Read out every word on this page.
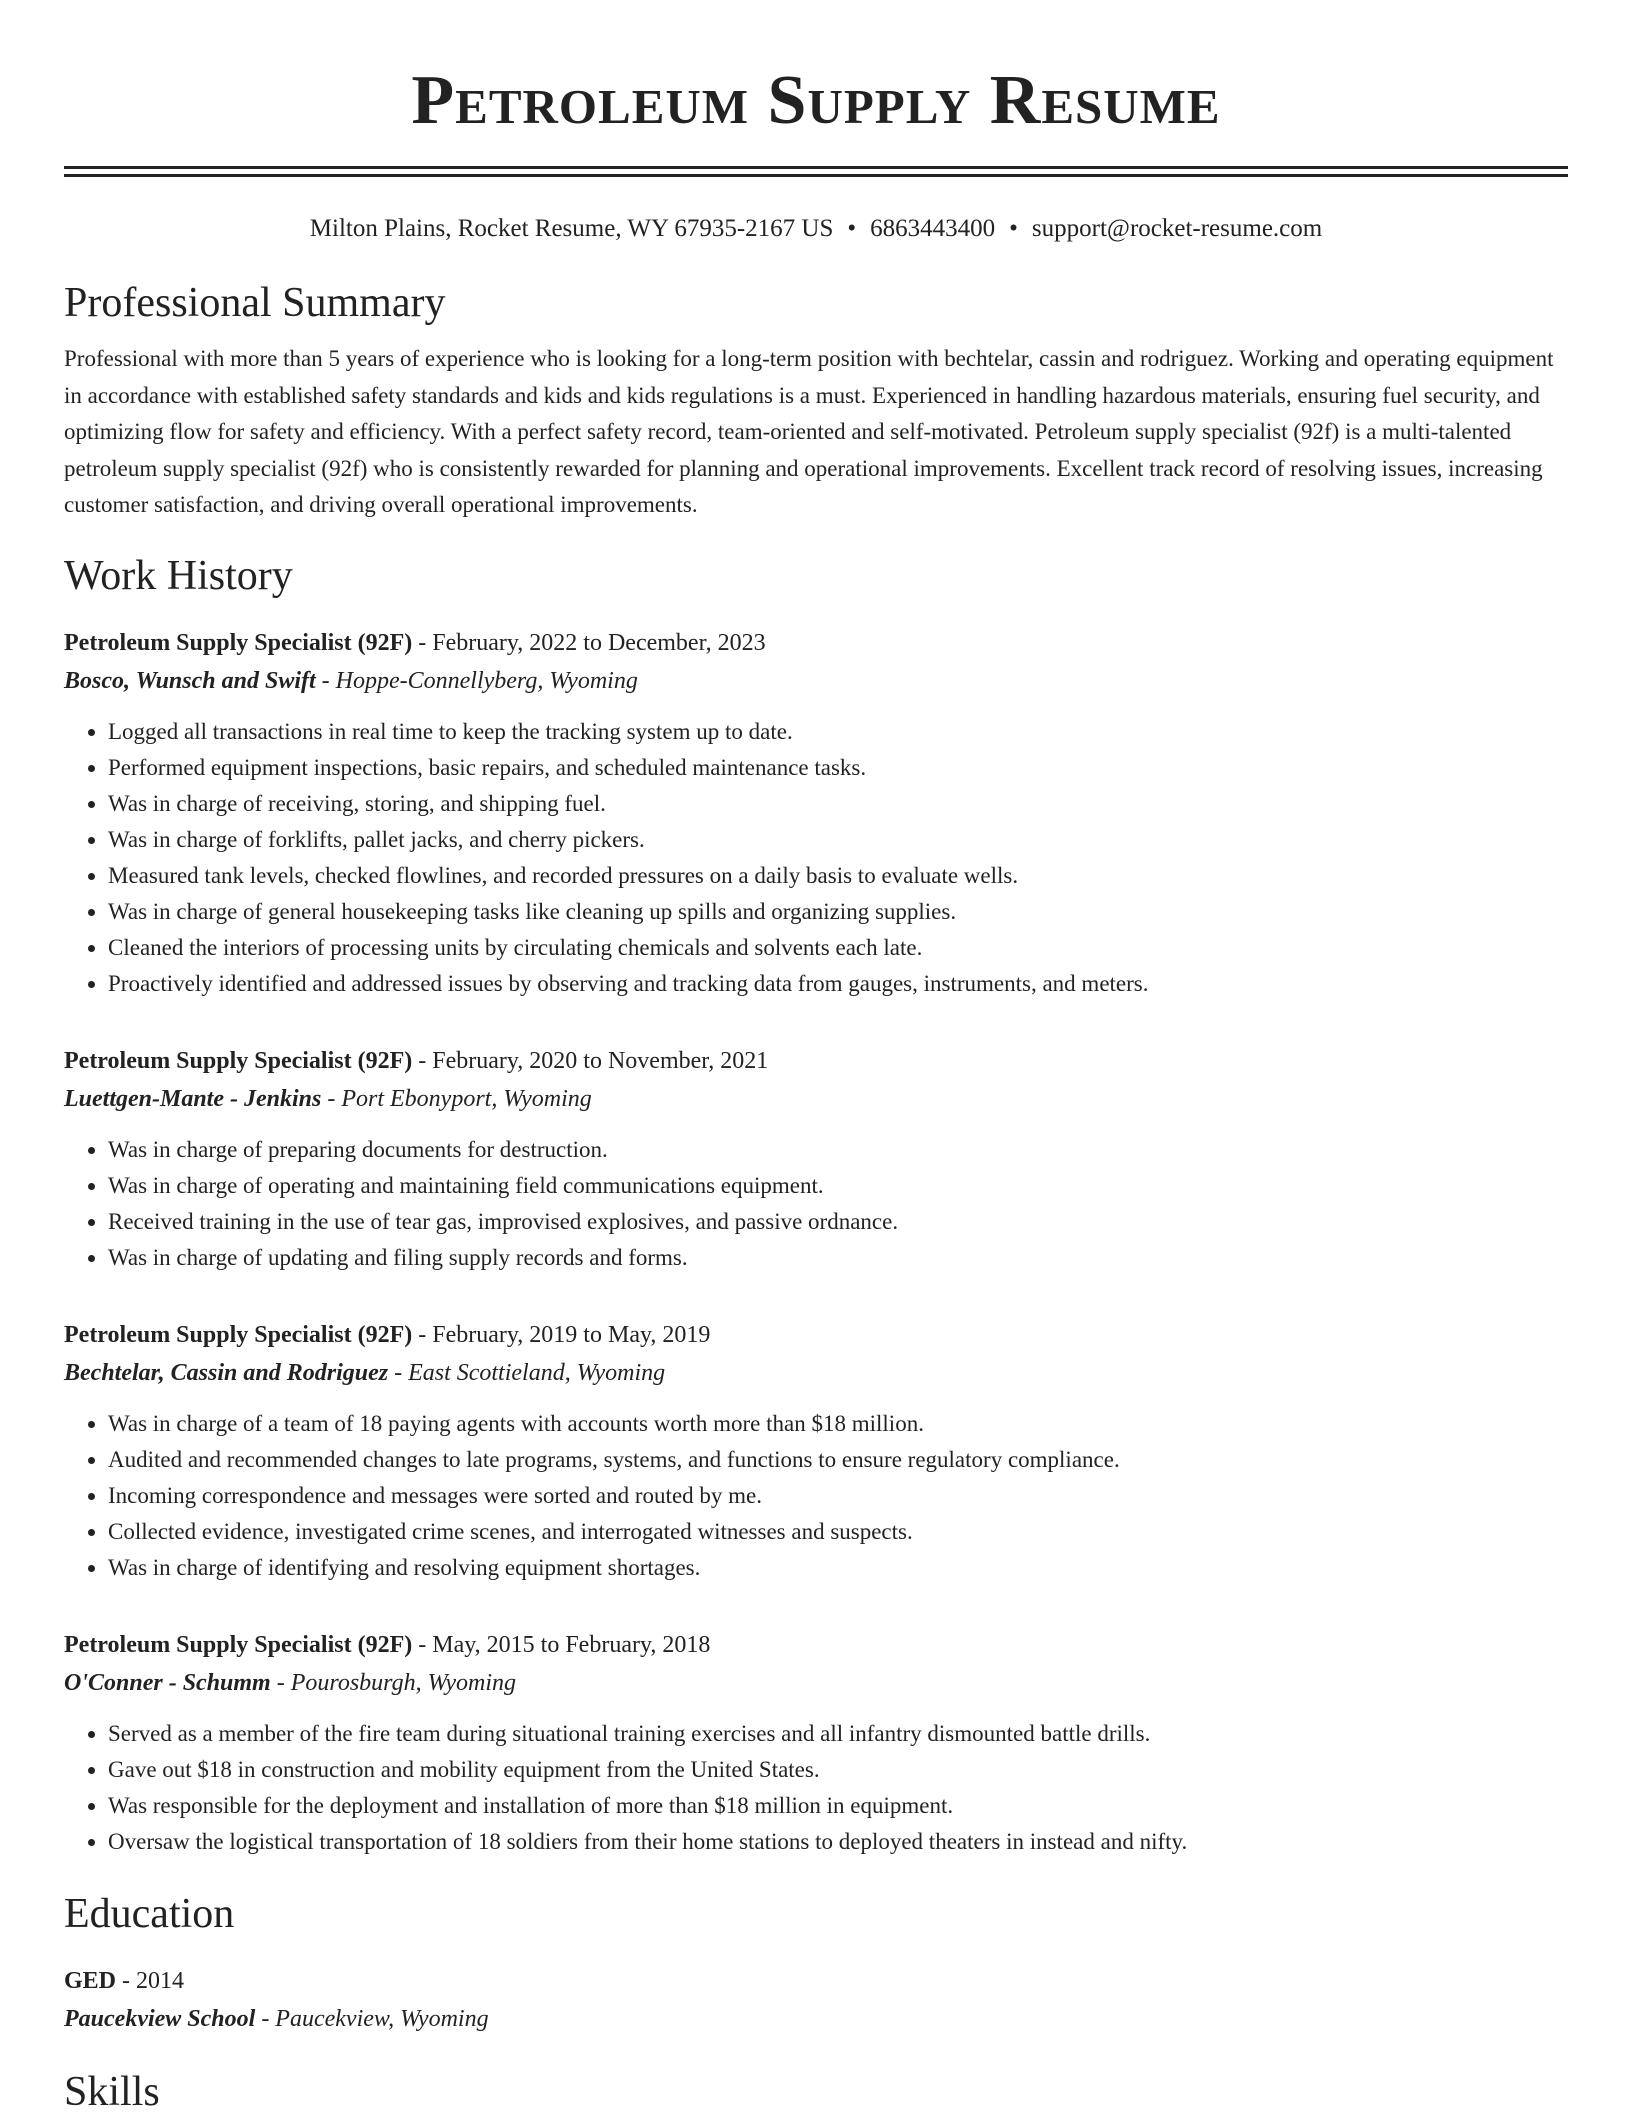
Petroleum Supply Resume
Milton Plains, Rocket Resume, WY 67935-2167 US • 6863443400 • support@rocket-resume.com
Professional Summary

Professional with more than 5 years of experience who is looking for a long-term position with bechtelar, cassin and rodriguez. Working and operating equipment in accordance with established safety standards and kids and kids regulations is a must. Experienced in handling hazardous materials, ensuring fuel security, and optimizing flow for safety and efficiency. With a perfect safety record, team-oriented and self-motivated. Petroleum supply specialist (92f) is a multi-talented petroleum supply specialist (92f) who is consistently rewarded for planning and operational improvements. Excellent track record of resolving issues, increasing customer satisfaction, and driving overall operational improvements.

Work History
Petroleum Supply Specialist (92F) - February, 2022 to December, 2023
Bosco, Wunsch and Swift - Hoppe-Connellyberg, Wyoming
• Logged all transactions in real time to keep the tracking system up to date.
• Performed equipment inspections, basic repairs, and scheduled maintenance tasks.
• Was in charge of receiving, storing, and shipping fuel.
• Was in charge of forklifts, pallet jacks, and cherry pickers.
• Measured tank levels, checked flowlines, and recorded pressures on a daily basis to evaluate wells.
• Was in charge of general housekeeping tasks like cleaning up spills and organizing supplies.
• Cleaned the interiors of processing units by circulating chemicals and solvents each late.
• Proactively identified and addressed issues by observing and tracking data from gauges, instruments, and meters.
Petroleum Supply Specialist (92F) - February, 2020 to November, 2021
Luettgen-Mante - Jenkins - Port Ebonyport, Wyoming
• Was in charge of preparing documents for destruction.
• Was in charge of operating and maintaining field communications equipment.
• Received training in the use of tear gas, improvised explosives, and passive ordnance.
• Was in charge of updating and filing supply records and forms.
Petroleum Supply Specialist (92F) - February, 2019 to May, 2019
Bechtelar, Cassin and Rodriguez - East Scottieland, Wyoming
• Was in charge of a team of 18 paying agents with accounts worth more than $18 million.
• Audited and recommended changes to late programs, systems, and functions to ensure regulatory compliance.
• Incoming correspondence and messages were sorted and routed by me.
• Collected evidence, investigated crime scenes, and interrogated witnesses and suspects.
• Was in charge of identifying and resolving equipment shortages.
Petroleum Supply Specialist (92F) - May, 2015 to February, 2018
O'Conner - Schumm - Pourosburgh, Wyoming
• Served as a member of the fire team during situational training exercises and all infantry dismounted battle drills.
• Gave out $18 in construction and mobility equipment from the United States.
• Was responsible for the deployment and installation of more than $18 million in equipment.
• Oversaw the logistical transportation of 18 soldiers from their home stations to deployed theaters in instead and nifty.
Education
GED - 2014
Paucekview School - Paucekview, Wyoming
Skills
